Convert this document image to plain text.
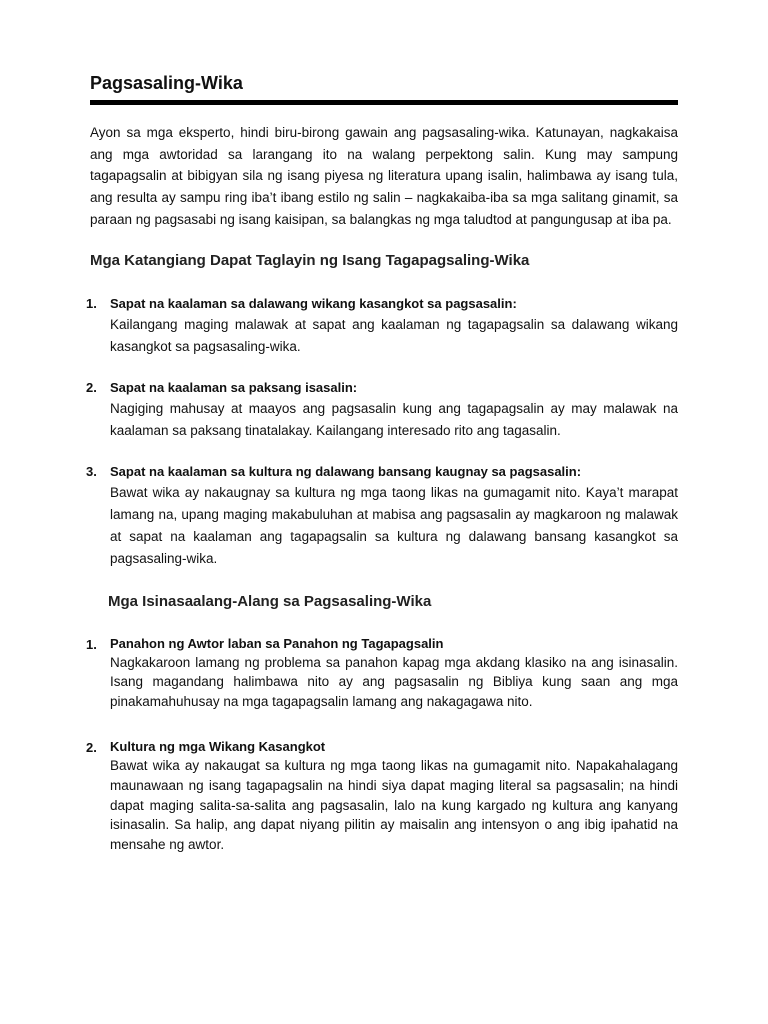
Pagsasaling-Wika

Ayon sa mga eksperto, hindi biru-birong gawain ang pagsasaling-wika. Katunayan, nagkakaisa ang mga awtoridad sa larangang ito na walang perpektong salin. Kung may sampung tagapagsalin at bibigyan sila ng isang piyesa ng literatura upang isalin, halimbawa ay isang tula, ang resulta ay sampu ring iba’t ibang estilo ng salin – nagkakaiba-iba sa mga salitang ginamit, sa paraan ng pagsasabi ng isang kaisipan, sa balangkas ng mga taludtod at pangungusap at iba pa.

Mga Katangiang Dapat Taglayin ng Isang Tagapagsaling-Wika
1. Sapat na kaalaman sa dalawang wikang kasangkot sa pagsasalin:

Kailangang maging malawak at sapat ang kaalaman ng tagapagsalin sa dalawang wikang kasangkot sa pagsasaling-wika.

2. Sapat na kaalaman sa paksang isasalin:

Nagiging mahusay at maayos ang pagsasalin kung ang tagapagsalin ay may malawak na kaalaman sa paksang tinatalakay. Kailangang interesado rito ang tagasalin.

3. Sapat na kaalaman sa kultura ng dalawang bansang kaugnay sa pagsasalin:

Bawat wika ay nakaugnay sa kultura ng mga taong likas na gumagamit nito. Kaya’t marapat lamang na, upang maging makabuluhan at mabisa ang pagsasalin ay magkaroon ng malawak at sapat na kaalaman ang tagapagsalin sa kultura ng dalawang bansang kasangkot sa pagsasaling-wika.

Mga Isinasaalang-Alang sa Pagsasaling-Wika
1. Panahon ng Awtor laban sa Panahon ng Tagapagsalin

Nagkakaroon lamang ng problema sa panahon kapag mga akdang klasiko na ang isinasalin. Isang magandang halimbawa nito ay ang pagsasalin ng Bibliya kung saan ang mga pinakamahuhusay na mga tagapagsalin lamang ang nakagagawa nito.

2. Kultura ng mga Wikang Kasangkot

Bawat wika ay nakaugat sa kultura ng mga taong likas na gumagamit nito. Napakahalagang maunawaan ng isang tagapagsalin na hindi siya dapat maging literal sa pagsasalin; na hindi dapat maging salita-sa-salita ang pagsasalin, lalo na kung kargado ng kultura ang kanyang isinasalin. Sa halip, ang dapat niyang pilitin ay maisalin ang intensyon o ang ibig ipahatid na mensahe ng awtor.
